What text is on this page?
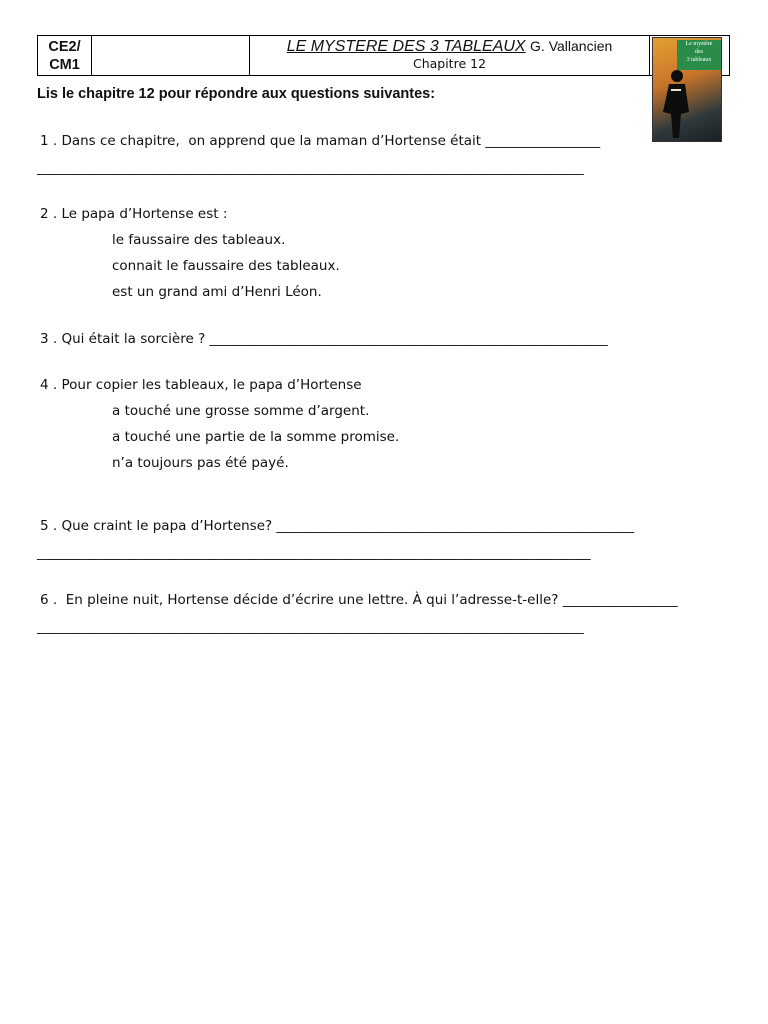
CE2/
CM1
LE MYSTERE DES 3 TABLEAUX G. Vallancien
Chapitre 12
Le mystère
des
3 tableaux
Lis le chapitre 12 pour répondre aux questions suivantes:
1 . Dans ce chapitre,  on apprend que la maman d’Hortense était _________________
_________________________________________________________________________________
2 . Le papa d’Hortense est :
le faussaire des tableaux.
connait le faussaire des tableaux.
est un grand ami d’Henri Léon.
3 . Qui était la sorcière ? ___________________________________________________________
4 . Pour copier les tableaux, le papa d’Hortense
a touché une grosse somme d’argent.
a touché une partie de la somme promise.
n’a toujours pas été payé.
5 . Que craint le papa d’Hortense? _____________________________________________________
__________________________________________________________________________________
6 .  En pleine nuit, Hortense décide d’écrire une lettre. À qui l’adresse-t-elle? _________________
_________________________________________________________________________________
